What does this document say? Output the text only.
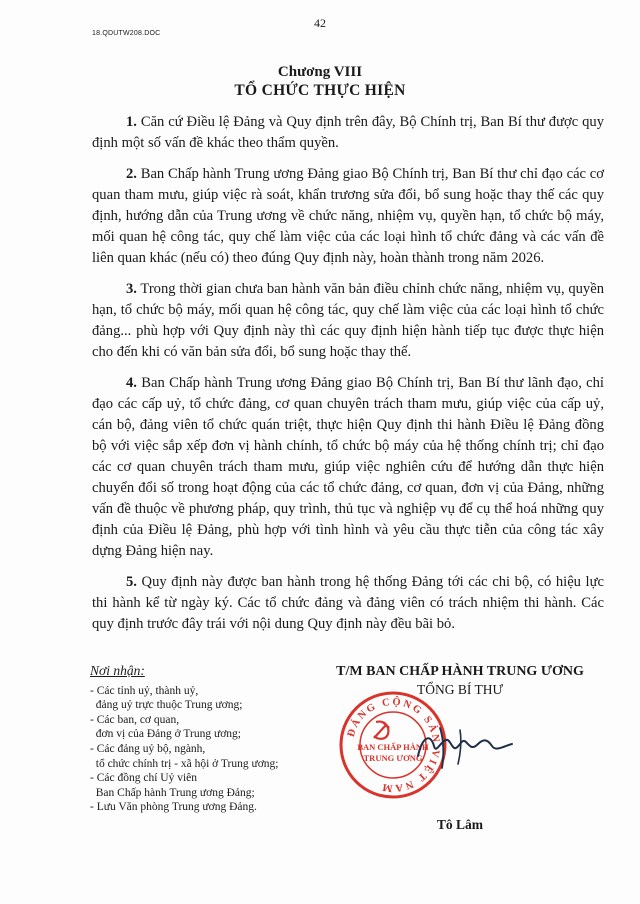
42
18.QDUTW208.DOC
Chương VIII
TỔ CHỨC THỰC HIỆN

1. Căn cứ Điều lệ Đảng và Quy định trên đây, Bộ Chính trị, Ban Bí thư được quy định một số vấn đề khác theo thẩm quyền.

2. Ban Chấp hành Trung ương Đảng giao Bộ Chính trị, Ban Bí thư chỉ đạo các cơ quan tham mưu, giúp việc rà soát, khẩn trương sửa đổi, bổ sung hoặc thay thế các quy định, hướng dẫn của Trung ương về chức năng, nhiệm vụ, quyền hạn, tổ chức bộ máy, mối quan hệ công tác, quy chế làm việc của các loại hình tổ chức đảng và các vấn đề liên quan khác (nếu có) theo đúng Quy định này, hoàn thành trong năm 2026.

3. Trong thời gian chưa ban hành văn bản điều chỉnh chức năng, nhiệm vụ, quyền hạn, tổ chức bộ máy, mối quan hệ công tác, quy chế làm việc của các loại hình tổ chức đảng... phù hợp với Quy định này thì các quy định hiện hành tiếp tục được thực hiện cho đến khi có văn bản sửa đổi, bổ sung hoặc thay thế.

4. Ban Chấp hành Trung ương Đảng giao Bộ Chính trị, Ban Bí thư lãnh đạo, chỉ đạo các cấp uỷ, tổ chức đảng, cơ quan chuyên trách tham mưu, giúp việc của cấp uỷ, cán bộ, đảng viên tổ chức quán triệt, thực hiện Quy định thi hành Điều lệ Đảng đồng bộ với việc sắp xếp đơn vị hành chính, tổ chức bộ máy của hệ thống chính trị; chỉ đạo các cơ quan chuyên trách tham mưu, giúp việc nghiên cứu để hướng dẫn thực hiện chuyển đổi số trong hoạt động của các tổ chức đảng, cơ quan, đơn vị của Đảng, những vấn đề thuộc về phương pháp, quy trình, thủ tục và nghiệp vụ để cụ thể hoá những quy định của Điều lệ Đảng, phù hợp với tình hình và yêu cầu thực tiễn của công tác xây dựng Đảng hiện nay.

5. Quy định này được ban hành trong hệ thống Đảng tới các chi bộ, có hiệu lực thi hành kể từ ngày ký. Các tổ chức đảng và đảng viên có trách nhiệm thi hành. Các quy định trước đây trái với nội dung Quy định này đều bãi bỏ.

Nơi nhận:
- Các tỉnh uỷ, thành uỷ,
đảng uỷ trực thuộc Trung ương;
- Các ban, cơ quan,
đơn vị của Đảng ở Trung ương;
- Các đảng uỷ bộ, ngành,
tổ chức chính trị - xã hội ở Trung ương;
- Các đồng chí Uỷ viên
Ban Chấp hành Trung ương Đảng;
- Lưu Văn phòng Trung ương Đảng.
T/M BAN CHẤP HÀNH TRUNG ƯƠNG
TỔNG BÍ THƯ
Tô Lâm
ĐẢNG CỘNG SẢN VIỆT NAM
BAN CHẤP HÀNH
TRUNG ƯƠNG
